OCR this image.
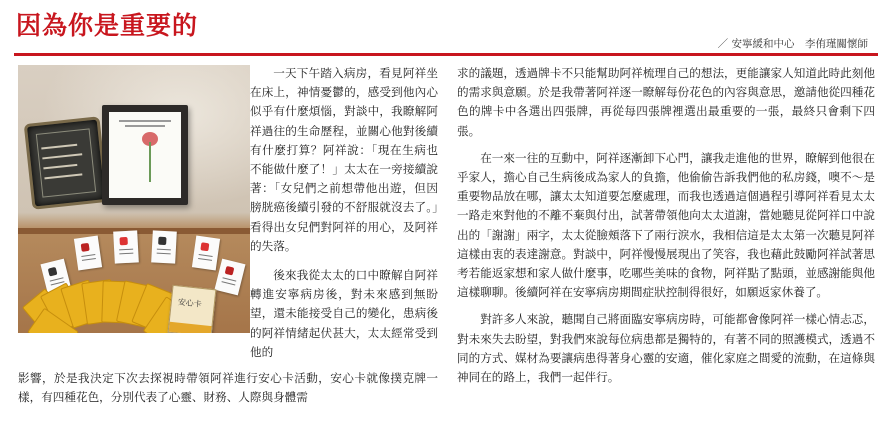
因為你是重要的
／ 安寧緩和中心　李侑瑾關懷師
安心卡

一天下午踏入病房，看見阿祥坐在床上，神情憂鬱的，感受到他內心似乎有什麼煩惱，對談中，我瞭解阿祥過往的生命歷程，並關心他對後續有什麼打算？阿祥說：「現在生病也不能做什麼了！」太太在一旁接續說著：「女兒們之前想帶他出遊，但因膀胱癌後續引發的不舒服就沒去了。」看得出女兒們對阿祥的用心，及阿祥的失落。

後來我從太太的口中瞭解自阿祥轉進安寧病房後，對未來感到無盼望，還未能接受自己的變化，患病後的阿祥情緒起伏甚大，太太經常受到他的

影響，於是我決定下次去探視時帶領阿祥進行安心卡活動，安心卡就像撲克牌一樣，有四種花色，分別代表了心靈、財務、人際與身體需

求的議題，透過牌卡不只能幫助阿祥梳理自己的想法，更能讓家人知道此時此刻他的需求與意願。於是我帶著阿祥逐一瞭解每份花色的內容與意思，邀請他從四種花色的牌卡中各選出四張牌，再從每四張牌裡選出最重要的一張，最終只會剩下四張。

在一來一往的互動中，阿祥逐漸卸下心門，讓我走進他的世界，瞭解到他很在乎家人，擔心自己生病後成為家人的負擔，他偷偷告訴我們他的私房錢，噢不～是重要物品放在哪，讓太太知道要怎麼處理，而我也透過這個過程引導阿祥看見太太一路走來對他的不離不棄與付出，試著帶領他向太太道謝，當她聽見從阿祥口中說出的「謝謝」兩字，太太從臉頰落下了兩行淚水，我相信這是太太第一次聽見阿祥這樣由衷的表達謝意。對談中，阿祥慢慢展現出了笑容，我也藉此鼓勵阿祥試著思考若能返家想和家人做什麼事，吃哪些美味的食物，阿祥點了點頭，並感謝能與他這樣聊聊。後續阿祥在安寧病房期間症狀控制得很好，如願返家休養了。

對許多人來說，聽聞自己將面臨安寧病房時，可能都會像阿祥一樣心情忐忑，對未來失去盼望，對我們來說每位病患都是獨特的，有著不同的照護模式，透過不同的方式、媒材為要讓病患得著身心靈的安適，催化家庭之間愛的流動，在這條與神同在的路上，我們一起伴行。
